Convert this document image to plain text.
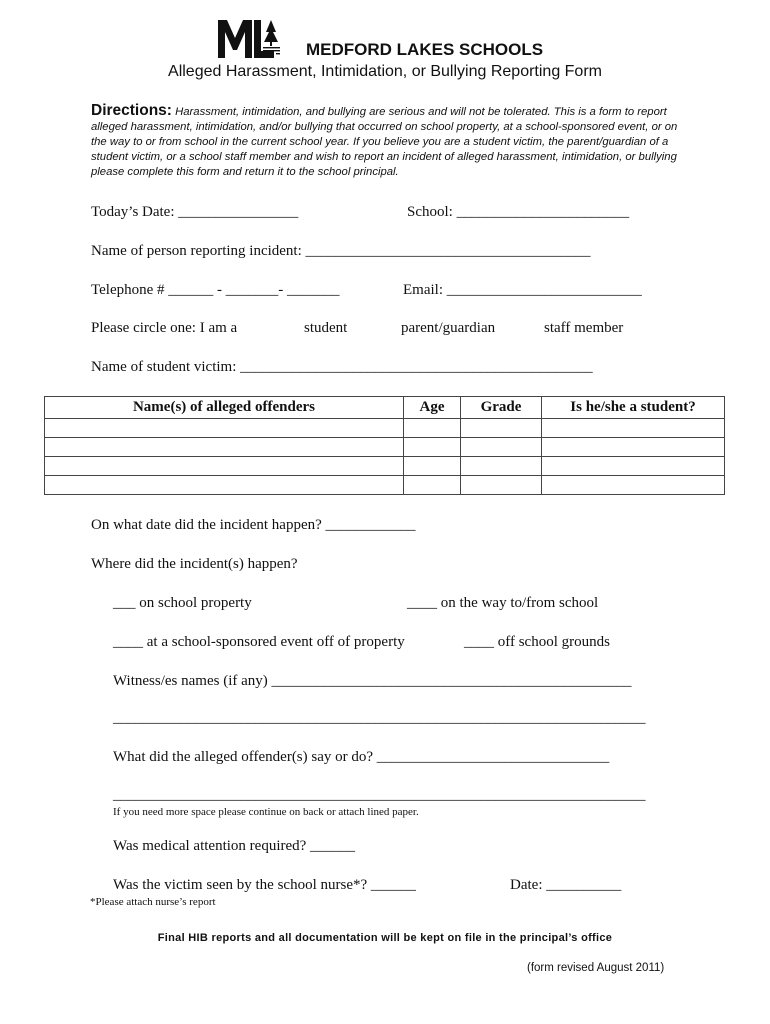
MEDFORD LAKES SCHOOLS
Alleged Harassment, Intimidation, or Bullying Reporting Form
Directions: Harassment, intimidation, and bullying are serious and will not be tolerated. This is a form to report alleged harassment, intimidation, and/or bullying that occurred on school property, at a school-sponsored event, or on the way to or from school in the current school year. If you believe you are a student victim, the parent/guardian of a student victim, or a school staff member and wish to report an incident of alleged harassment, intimidation, or bullying please complete this form and return it to the school principal.
Today’s Date: ________________	School: _______________________
Name of person reporting incident: ______________________________________
Telephone # ______ - _______- _______	Email: __________________________
Please circle one: I am a	student	parent/guardian	staff member
Name of student victim: _______________________________________________
Name(s) of alleged offenders	Age	Grade	Is he/she a student?

On what date did the incident happen? ____________
Where did the incident(s) happen?
___ on school property	____ on the way to/from school
____ at a school-sponsored event off of property	____ off school grounds
Witness/es names (if any) ________________________________________________
_______________________________________________________________________
What did the alleged offender(s) say or do? _______________________________
_______________________________________________________________________
If you need more space please continue on back or attach lined paper.
Was medical attention required? ______
Was the victim seen by the school nurse*? ______	Date: __________
*Please attach nurse’s report
Final HIB reports and all documentation will be kept on file in the principal’s office
(form revised August 2011)
